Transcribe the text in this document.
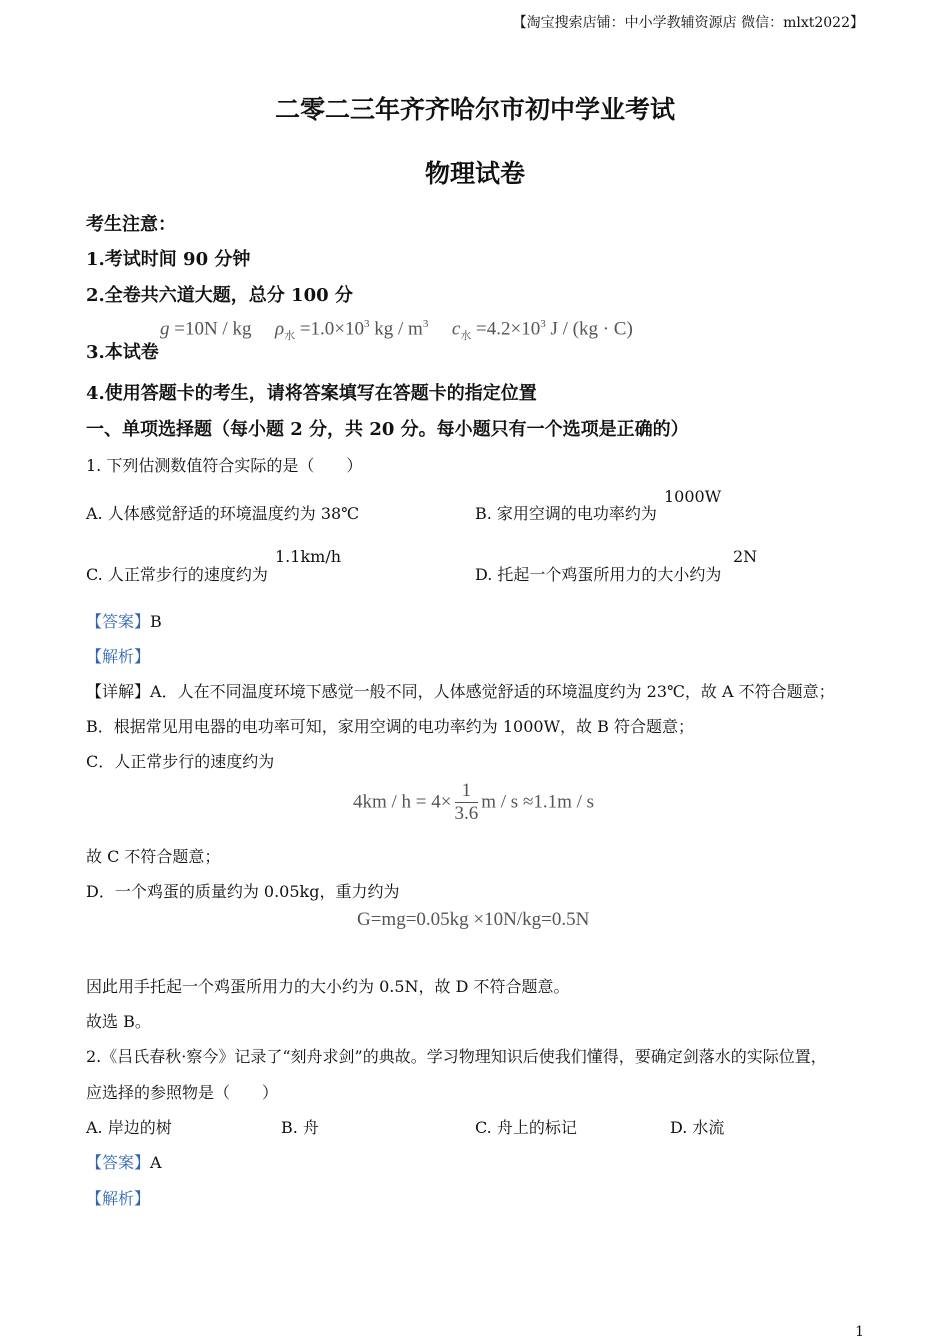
【淘宝搜索店铺：中小学教辅资源店 微信：mlxt2022】
二零二三年齐齐哈尔市初中学业考试
物理试卷
考生注意：
1.考试时间 90 分钟
2.全卷共六道大题，总分 100 分
3.本试卷
g =10N / kg $\rho_水 =1.0\times 10^3$ kg / $m^3$ $c_水 =4.2\times 10^3$ J / (kg · C)
4.使用答题卡的考生，请将答案填写在答题卡的指定位置
一、单项选择题（每小题 2 分，共 20 分。每小题只有一个选项是正确的）
1. 下列估测数值符合实际的是（　　）
A. 人体感觉舒适的环境温度约为 38℃	B. 家用空调的电功率约为
1000W
C. 人正常步行的速度约为
1.1km/h
D. 托起一个鸡蛋所用力的大小约为
2N
【答案】B
【解析】
【详解】A．人在不同温度环境下感觉一般不同，人体感觉舒适的环境温度约为 23℃，故 A 不符合题意；
B．根据常见用电器的电功率可知，家用空调的电功率约为 1000W，故 B 符合题意；
C．人正常步行的速度约为
$4km / h = 4\times \frac{1}{3.6}$ m / s ≈1.1m / s
故 C 不符合题意；
D．一个鸡蛋的质量约为 0.05kg，重力约为
G=mg=0.05kg ×10N/kg=0.5N
因此用手托起一个鸡蛋所用力的大小约为 0.5N，故 D 不符合题意。
故选 B。
2.《吕氏春秋·察今》记录了“刻舟求剑”的典故。学习物理知识后使我们懂得，要确定剑落水的实际位置，
应选择的参照物是（　　）
A. 岸边的树	B. 舟	C. 舟上的标记	D. 水流
【答案】A
【解析】
1
